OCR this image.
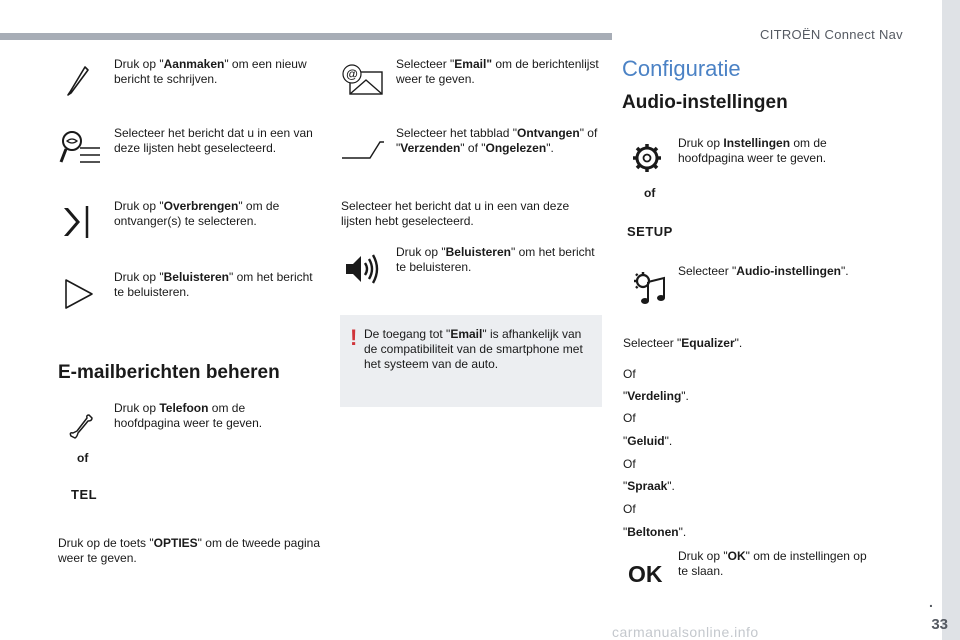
CITROËN Connect Nav
.
33
carmanualsonline.info
Druk op "Aanmaken" om een nieuw bericht te schrijven.
Selecteer het bericht dat u in een van deze lijsten hebt geselecteerd.
Druk op "Overbrengen" om de ontvanger(s) te selecteren.
Druk op "Beluisteren" om het bericht te beluisteren.
E-mailberichten beheren
of
TEL
Druk op Telefoon om de hoofdpagina weer te geven.
Druk op de toets "OPTIES" om de tweede pagina weer te geven.
@
Selecteer "Email" om de berichtenlijst weer te geven.
Selecteer het tabblad "Ontvangen" of "Verzenden" of "Ongelezen".
Selecteer het bericht dat u in een van deze lijsten hebt geselecteerd.
Druk op "Beluisteren" om het bericht te beluisteren.
! De toegang tot "Email" is afhankelijk van de compatibiliteit van de smartphone met het systeem van de auto.
Configuratie
Audio-instellingen
of
SETUP
Druk op Instellingen om de hoofdpagina weer te geven.
Selecteer "Audio-instellingen".
Selecteer "Equalizer".
Of
"Verdeling".
Of
"Geluid".
Of
"Spraak".
Of
"Beltonen".
OK
Druk op "OK" om de instellingen op te slaan.
